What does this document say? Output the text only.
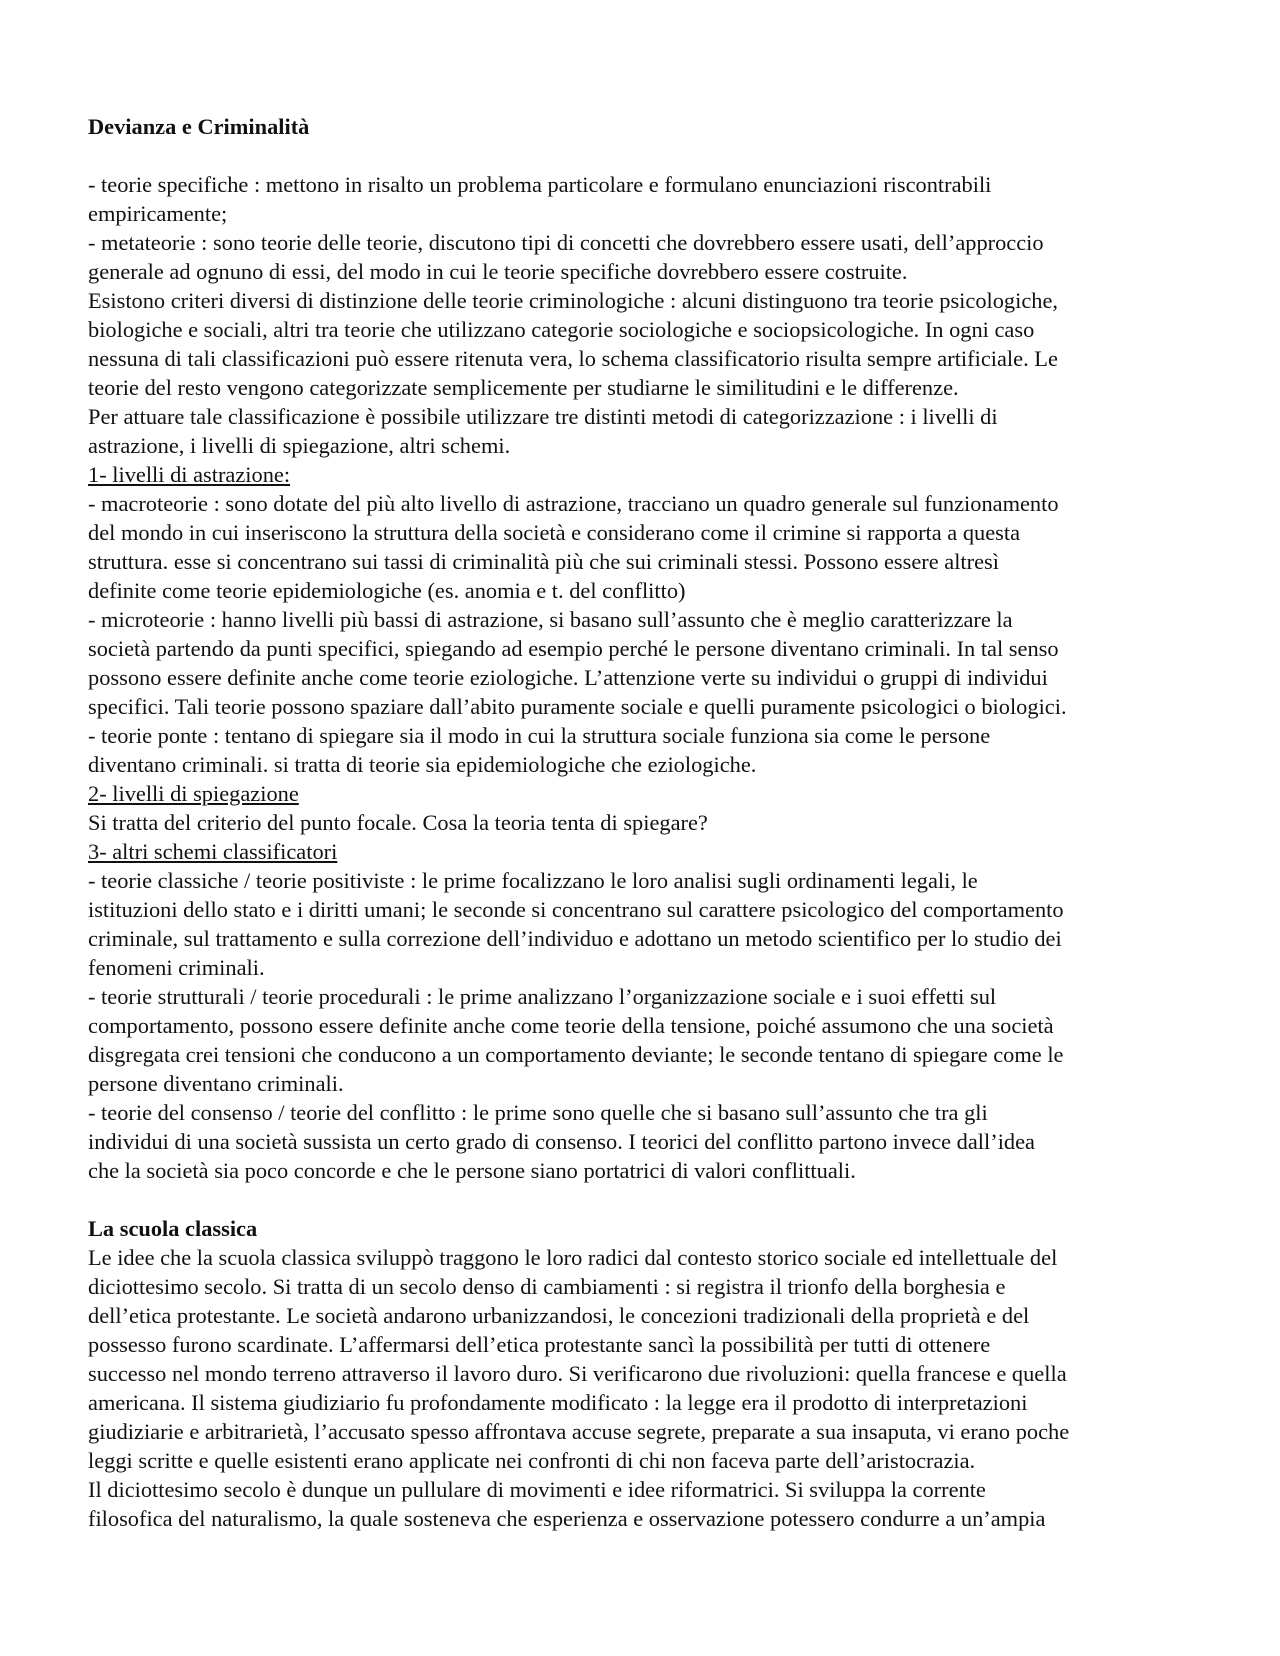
Devianza e Criminalità
- teorie specifiche : mettono in risalto un problema particolare e formulano enunciazioni riscontrabili
empiricamente;
- metateorie : sono teorie delle teorie, discutono tipi di concetti che dovrebbero essere usati, dell’approccio
generale ad ognuno di essi, del modo in cui le teorie specifiche dovrebbero essere costruite.
Esistono criteri diversi di distinzione delle teorie criminologiche : alcuni distinguono tra teorie psicologiche,
biologiche e sociali, altri tra teorie che utilizzano categorie sociologiche e sociopsicologiche. In ogni caso
nessuna di tali classificazioni può essere ritenuta vera, lo schema classificatorio risulta sempre artificiale. Le
teorie del resto vengono categorizzate semplicemente per studiarne le similitudini e le differenze.
Per attuare tale classificazione è possibile utilizzare tre distinti metodi di categorizzazione : i livelli di
astrazione, i livelli di spiegazione, altri schemi.
1- livelli di astrazione:
- macroteorie : sono dotate del più alto livello di astrazione, tracciano un quadro generale sul funzionamento
del mondo in cui inseriscono la struttura della società e considerano come il crimine si rapporta a questa
struttura. esse si concentrano sui tassi di criminalità più che sui criminali stessi. Possono essere altresì
definite come teorie epidemiologiche (es. anomia e t. del conflitto)
- microteorie : hanno livelli più bassi di astrazione, si basano sull’assunto che è meglio caratterizzare la
società partendo da punti specifici, spiegando ad esempio perché le persone diventano criminali. In tal senso
possono essere definite anche come teorie eziologiche. L’attenzione verte su individui o gruppi di individui
specifici. Tali teorie possono spaziare dall’abito puramente sociale e quelli puramente psicologici o biologici.
- teorie ponte : tentano di spiegare sia il modo in cui la struttura sociale funziona sia come le persone
diventano criminali. si tratta di teorie sia epidemiologiche che eziologiche.
2- livelli di spiegazione
Si tratta del criterio del punto focale. Cosa la teoria tenta di spiegare?
3- altri schemi classificatori
- teorie classiche / teorie positiviste : le prime focalizzano le loro analisi sugli ordinamenti legali, le
istituzioni dello stato e i diritti umani; le seconde si concentrano sul carattere psicologico del comportamento
criminale, sul trattamento e sulla correzione dell’individuo e adottano un metodo scientifico per lo studio dei
fenomeni criminali.
- teorie strutturali / teorie procedurali : le prime analizzano l’organizzazione sociale e i suoi effetti sul
comportamento, possono essere definite anche come teorie della tensione, poiché assumono che una società
disgregata crei tensioni che conducono a un comportamento deviante; le seconde tentano di spiegare come le
persone diventano criminali.
- teorie del consenso / teorie del conflitto : le prime sono quelle che si basano sull’assunto che tra gli
individui di una società sussista un certo grado di consenso. I teorici del conflitto partono invece dall’idea
che la società sia poco concorde e che le persone siano portatrici di valori conflittuali.
La scuola classica
Le idee che la scuola classica sviluppò traggono le loro radici dal contesto storico sociale ed intellettuale del
diciottesimo secolo. Si tratta di un secolo denso di cambiamenti : si registra il trionfo della borghesia e
dell’etica protestante. Le società andarono urbanizzandosi, le concezioni tradizionali della proprietà e del
possesso furono scardinate. L’affermarsi dell’etica protestante sancì la possibilità per tutti di ottenere
successo nel mondo terreno attraverso il lavoro duro. Si verificarono due rivoluzioni: quella francese e quella
americana. Il sistema giudiziario fu profondamente modificato : la legge era il prodotto di interpretazioni
giudiziarie e arbitrarietà, l’accusato spesso affrontava accuse segrete, preparate a sua insaputa, vi erano poche
leggi scritte e quelle esistenti erano applicate nei confronti di chi non faceva parte dell’aristocrazia.
Il diciottesimo secolo è dunque un pullulare di movimenti e idee riformatrici. Si sviluppa la corrente
filosofica del naturalismo, la quale sosteneva che esperienza e osservazione potessero condurre a un’ampia
